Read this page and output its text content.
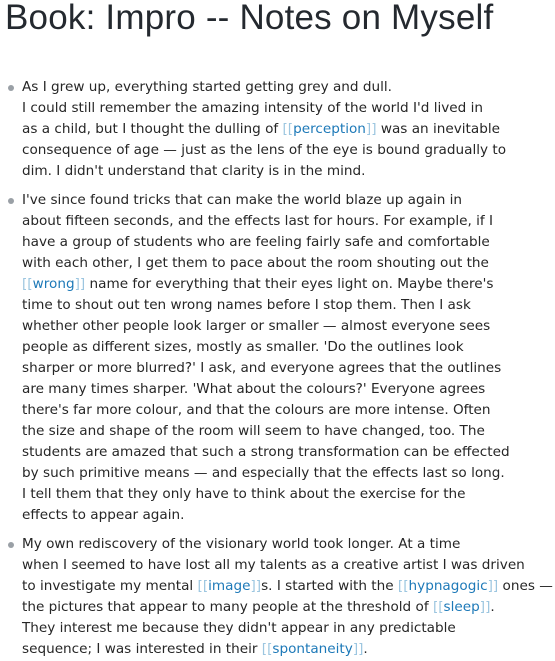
Book: Impro -- Notes on Myself
As I grew up, everything started getting grey and dull.
I could still remember the amazing intensity of the world I'd lived in
as a child, but I thought the dulling of [[perception]] was an inevitable
consequence of age — just as the lens of the eye is bound gradually to
dim. I didn't understand that clarity is in the mind.
I've since found tricks that can make the world blaze up again in
about fifteen seconds, and the effects last for hours. For example, if I
have a group of students who are feeling fairly safe and comfortable
with each other, I get them to pace about the room shouting out the
[[wrong]] name for everything that their eyes light on. Maybe there's
time to shout out ten wrong names before I stop them. Then I ask
whether other people look larger or smaller — almost everyone sees
people as different sizes, mostly as smaller. 'Do the outlines look
sharper or more blurred?' I ask, and everyone agrees that the outlines
are many times sharper. 'What about the colours?' Everyone agrees
there's far more colour, and that the colours are more intense. Often
the size and shape of the room will seem to have changed, too. The
students are amazed that such a strong transformation can be effected
by such primitive means — and especially that the effects last so long.
I tell them that they only have to think about the exercise for the
effects to appear again.
My own rediscovery of the visionary world took longer. At a time
when I seemed to have lost all my talents as a creative artist I was driven
to investigate my mental [[image]]s. I started with the [[hypnagogic]] ones —
the pictures that appear to many people at the threshold of [[sleep]].
They interest me because they didn't appear in any predictable
sequence; I was interested in their [[spontaneity]].
